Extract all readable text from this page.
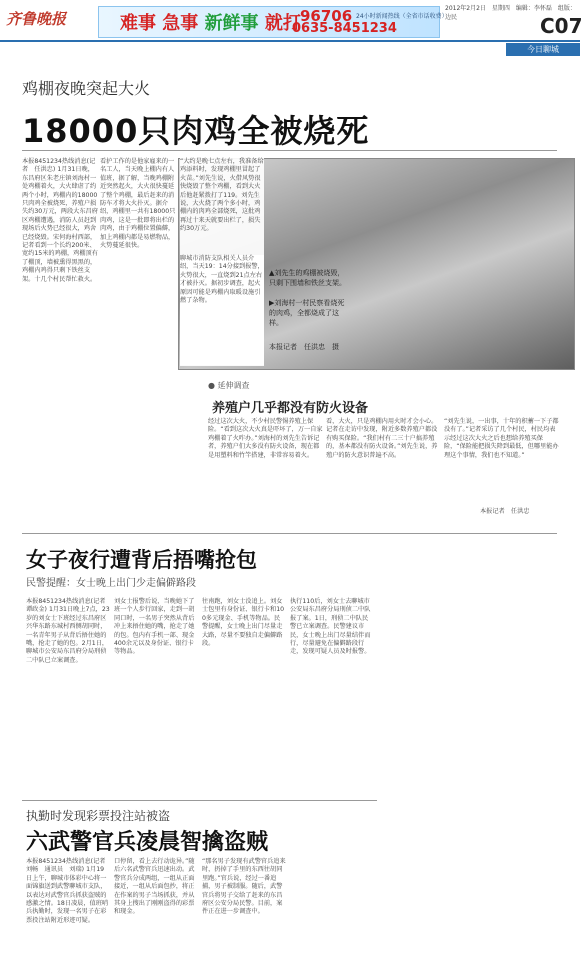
齐鲁晚报	难事 急事 新鲜事 就打 96706
0635-8451234
24小时新闻热线（全省市话收费）
2012年2月2日　星期四　编辑：李怀磊　组版：边民	C07
今日聊城
鸡棚夜晚突起大火
18000只肉鸡全被烧死
本报8451234热线消息(记者　任洪忠) 1月31日晚，东昌府区朱老庄镇刘海村一处鸡棚着火，大火肆虐了约两个小时，鸡棚内的18000只肉鸡全被烧死，养殖户损失约30万元，两段大东昌府区鸡棚遭遇，消防人员赶到现场后火势已经很大，鸡舍已经烧毁。宋何海村西部，记者看到一个长约200米、宽约15米的鸡棚，鸡棚顶有了棚顶，墙被熏得黑黑的，鸡棚内鸡得只剩下铁丝支架。十几个村民帮忙救火。
看护工作的是他家雇来的一名工人，当天晚上棚内有人值班，据了解，当晚鸡棚附近突然起火，大火很快蔓延了整个鸡棚，最后赶来的消防车才将大火扑灭。据介绍，鸡棚里一共有18000只肉鸡，这是一批即将出栏的肉鸡，由于鸡棚位置偏僻，加上鸡棚内都是易燃物品，火势蔓延很快。
“大约是晚七点左右，我准备给鸡添料时，发现鸡棚里冒起了火苗。”刘先生说，火借风势很快烧毁了整个鸡棚，看到大火后他赶紧拨打了119。刘先生说，大火烧了两个多小时，鸡棚内的肉鸡全部烧死，这批鸡再过十来天就要出栏了，损失约30万元。
聊城市消防支队相关人员介绍，当天19：14分接到报警，火势很大，一直烧到21点左右才被扑灭。据初步调查，起火原因可能是鸡棚内取暖设施引燃了杂物。
▲刘先生的鸡棚被烧毁，只剩下围墙和铁丝支架。
▶刘海村一村民察看烧死的肉鸡，全都烧成了这样。
本报记者　任洪忠　摄
● 延伸调查
养殖户几乎都没有防火设备
经过这次大火，不少村民警惕养殖上保险。“看到这次大火真是吓坏了，万一自家鸡棚着了火咋办。”刘海村的刘先生告诉记者，养殖户们大多没有防火设备，现在都是用塑料和竹竿搭建，非常容易着火。
看，大火，只是鸡棚内用火时才会小心。记者在走访中发现，附近多数养殖户都没有购买保险。“我们村有二三十户搞养殖的，基本都没有防火设备。”刘先生说，养殖户的防火意识普遍不高。
“刘先生说，一出事，十年的积蓄一下子都没有了。”记者采访了几个村民，村民均表示经过这次大火之后也想给养殖买保险，“保险能把损失降到最低，但哪里能办理这个事情，我们也不知道。”
本报记者　任洪忠
女子夜行遭背后捂嘴抢包
民警提醒：女士晚上出门少走偏僻路段
本报8451234热线消息(记者　谭政金) 1月31日晚上7点，23岁的刘女士下班经过东昌府区兴华东路东城村西侧胡同时，一名青年男子从背后捂住她的嘴，抢走了她的包。2月1日，聊城市公安局东昌府分局刑侦二中队已立案调查。
刘女士报警后说，当晚她下了班一个人步行回家，走到一胡同口时，一名男子突然从背后冲上来捂住她的嘴，抢走了她的包。包内有手机一部、现金400余元以及身份证、银行卡等物品。
往南跑，刘女士没追上。刘女士包里有身份证、银行卡和100多元现金、手机等物品。民警提醒，女士晚上出门尽量走大路，尽量不要独自走偏僻路段。
执行110后，刘女士去聊城市公安局东昌府分局刑侦二中队报了案。1日，刑侦二中队民警已立案调查。民警建议市民，女士晚上出门尽量结伴而行，尽量避免在偏僻路段行走，发现可疑人员及时报警。
执勤时发现彩票投注站被盗
六武警官兵凌晨智擒盗贼
本报8451234热线消息(记者　刘畅　通讯员　刘瑞) 1月19日上午，聊城市体彩中心将一面锦旗送到武警聊城市支队，以表达对武警官兵抓获盗贼的感激之情。18日凌晨，值班哨兵执勤时，发现一名男子在彩票投注站附近形迹可疑。
口停留，看上去行动诡异。”随后六名武警官兵迅速出动。武警官兵分成两组，一组从正面接近，一组从后面包抄，将正在作案的男子当场抓获，并从其身上搜出了刚刚盗得的彩票和现金。
“那名男子发现有武警官兵追来时，扔掉了手里的东西往胡同里跑。”官兵说，经过一番追捕，男子被制服。随后，武警官兵将男子交给了赶来的东昌府区公安分局民警。目前，案件正在进一步调查中。
